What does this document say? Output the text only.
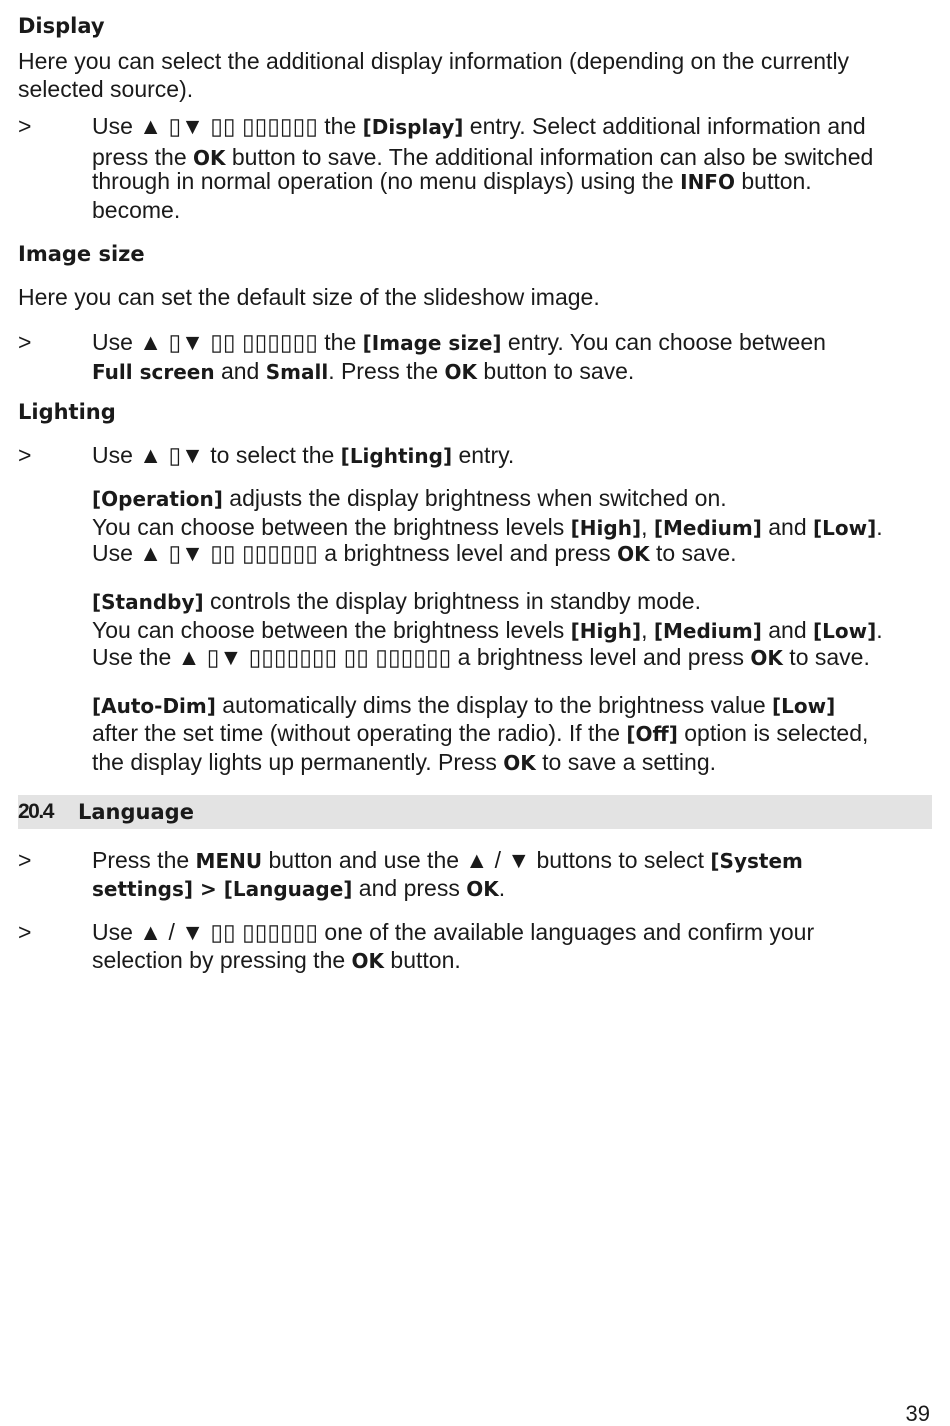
Display
Here you can select the additional display information (depending on the currently
selected source).
>	Use ▲ ▯▼ ▯▯ ▯▯▯▯▯▯ the [Display] entry. Select additional information and
press the OK button to save. The additional information can also be switched
through in normal operation (no menu displays) using the INFO button.
become.
Image size
Here you can set the default size of the slideshow image.
>	Use ▲ ▯▼ ▯▯ ▯▯▯▯▯▯ the [Image size] entry. You can choose between
Full screen and Small. Press the OK button to save.
Lighting
>	Use ▲ ▯▼ to select the [Lighting] entry.
[Operation] adjusts the display brightness when switched on.
You can choose between the brightness levels [High], [Medium] and [Low].
Use ▲ ▯▼ ▯▯ ▯▯▯▯▯▯ a brightness level and press OK to save.
[Standby] controls the display brightness in standby mode.
You can choose between the brightness levels [High], [Medium] and [Low].
Use the ▲ ▯▼ ▯▯▯▯▯▯▯ ▯▯ ▯▯▯▯▯▯ a brightness level and press OK to save.
[Auto-Dim] automatically dims the display to the brightness value [Low]
after the set time (without operating the radio). If the [Off] option is selected,
the display lights up permanently. Press OK to save a setting.
20.4 Language
>	Press the MENU button and use the ▲ / ▼ buttons to select [System
settings] > [Language] and press OK.
>	Use ▲ / ▼ ▯▯ ▯▯▯▯▯▯ one of the available languages and confirm your
selection by pressing the OK button.
39
